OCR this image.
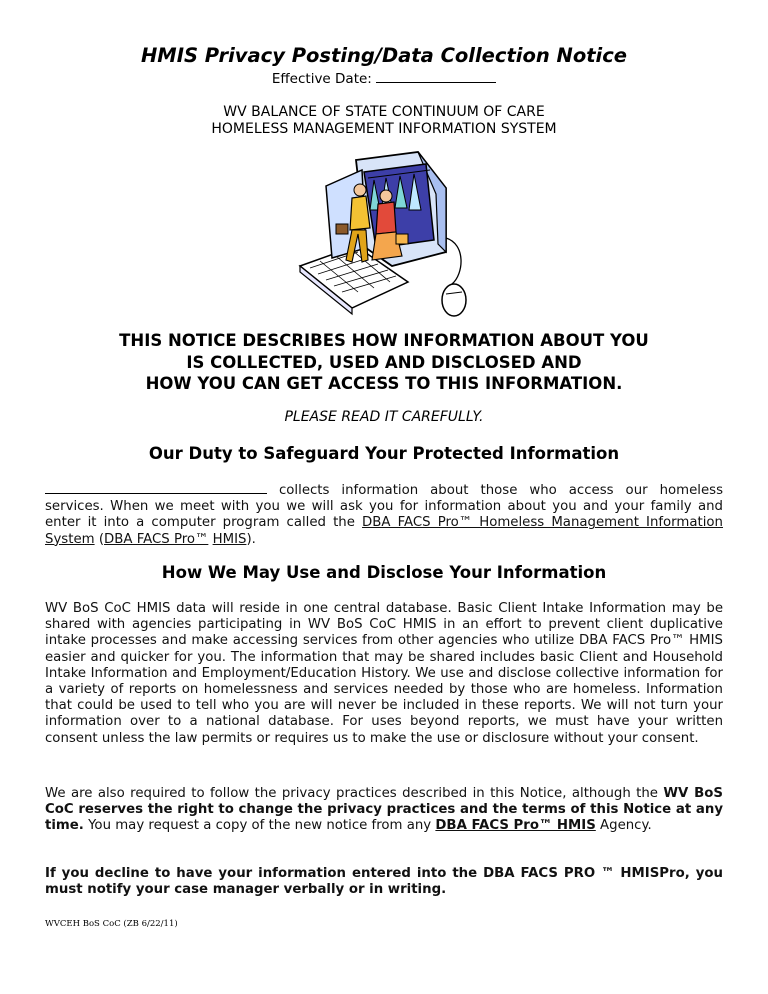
HMIS Privacy Posting/Data Collection Notice
Effective Date:
WV BALANCE OF STATE CONTINUUM OF CARE
HOMELESS MANAGEMENT INFORMATION SYSTEM
THIS NOTICE DESCRIBES HOW INFORMATION ABOUT YOU
IS COLLECTED, USED AND DISCLOSED AND
HOW YOU CAN GET ACCESS TO THIS INFORMATION.
PLEASE READ IT CAREFULLY.
Our Duty to Safeguard Your Protected Information
collects information about those who access our homeless services. When we meet with you we will ask you for information about you and your family and enter it into a computer program called the DBA FACS Pro™ Homeless Management Information System (DBA FACS Pro™ HMIS).
How We May Use and Disclose Your Information
WV BoS CoC HMIS data will reside in one central database. Basic Client Intake Information may be shared with agencies participating in WV BoS CoC HMIS in an effort to prevent client duplicative intake processes and make accessing services from other agencies who utilize DBA FACS Pro™ HMIS easier and quicker for you. The information that may be shared includes basic Client and Household Intake Information and Employment/Education History. We use and disclose collective information for a variety of reports on homelessness and services needed by those who are homeless. Information that could be used to tell who you are will never be included in these reports. We will not turn your information over to a national database. For uses beyond reports, we must have your written consent unless the law permits or requires us to make the use or disclosure without your consent.
We are also required to follow the privacy practices described in this Notice, although the WV BoS CoC reserves the right to change the privacy practices and the terms of this Notice at any time. You may request a copy of the new notice from any DBA FACS Pro™ HMIS Agency.
If you decline to have your information entered into the DBA FACS PRO ™ HMISPro, you must notify your case manager verbally or in writing.
WVCEH BoS CoC (ZB 6/22/11)
